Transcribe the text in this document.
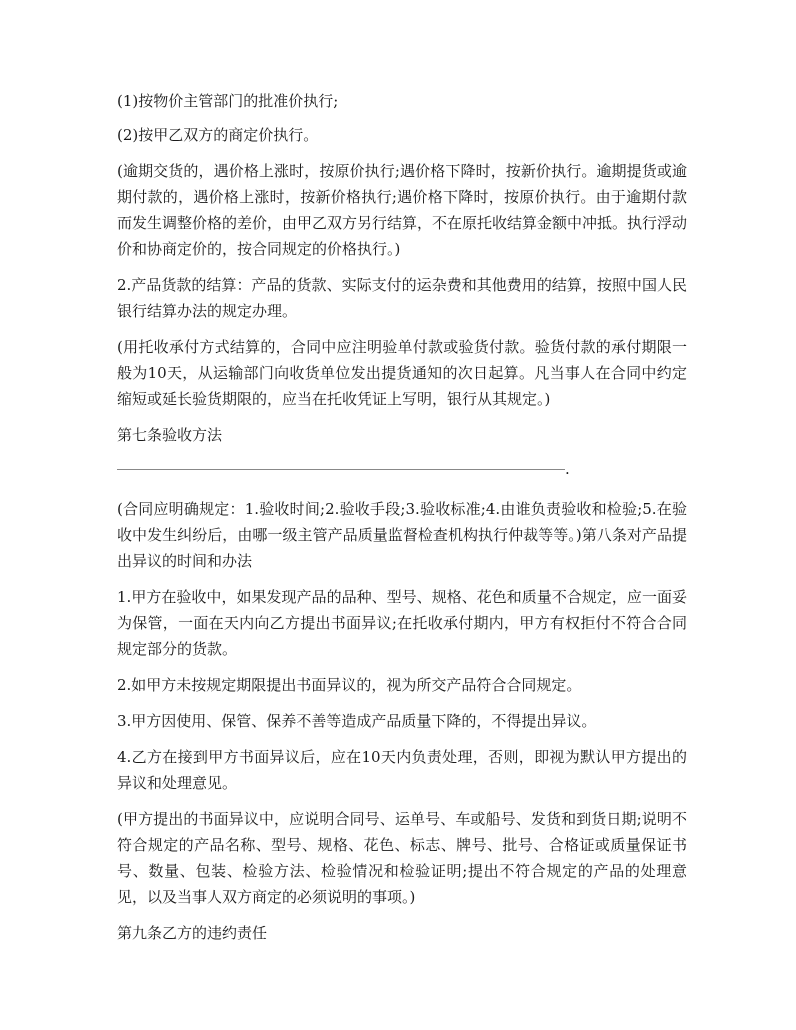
(1)按物价主管部门的批准价执行;

(2)按甲乙双方的商定价执行。

(逾期交货的，遇价格上涨时，按原价执行;遇价格下降时，按新价执行。逾期提货或逾期付款的，遇价格上涨时，按新价格执行;遇价格下降时，按原价执行。由于逾期付款而发生调整价格的差价，由甲乙双方另行结算，不在原托收结算金额中冲抵。执行浮动价和协商定价的，按合同规定的价格执行。)

2.产品货款的结算：产品的货款、实际支付的运杂费和其他费用的结算，按照中国人民银行结算办法的规定办理。

(用托收承付方式结算的，合同中应注明验单付款或验货付款。验货付款的承付期限一般为10天，从运输部门向收货单位发出提货通知的次日起算。凡当事人在合同中约定缩短或延长验货期限的，应当在托收凭证上写明，银行从其规定。)

第七条验收方法

.

(合同应明确规定：1.验收时间;2.验收手段;3.验收标准;4.由谁负责验收和检验;5.在验收中发生纠纷后，由哪一级主管产品质量监督检查机构执行仲裁等等。)第八条对产品提出异议的时间和办法

1.甲方在验收中，如果发现产品的品种、型号、规格、花色和质量不合规定，应一面妥为保管，一面在天内向乙方提出书面异议;在托收承付期内，甲方有权拒付不符合合同规定部分的货款。

2.如甲方未按规定期限提出书面异议的，视为所交产品符合合同规定。

3.甲方因使用、保管、保养不善等造成产品质量下降的，不得提出异议。

4.乙方在接到甲方书面异议后，应在10天内负责处理，否则，即视为默认甲方提出的异议和处理意见。

(甲方提出的书面异议中，应说明合同号、运单号、车或船号、发货和到货日期;说明不符合规定的产品名称、型号、规格、花色、标志、牌号、批号、合格证或质量保证书号、数量、包装、检验方法、检验情况和检验证明;提出不符合规定的产品的处理意见，以及当事人双方商定的必须说明的事项。)

第九条乙方的违约责任
